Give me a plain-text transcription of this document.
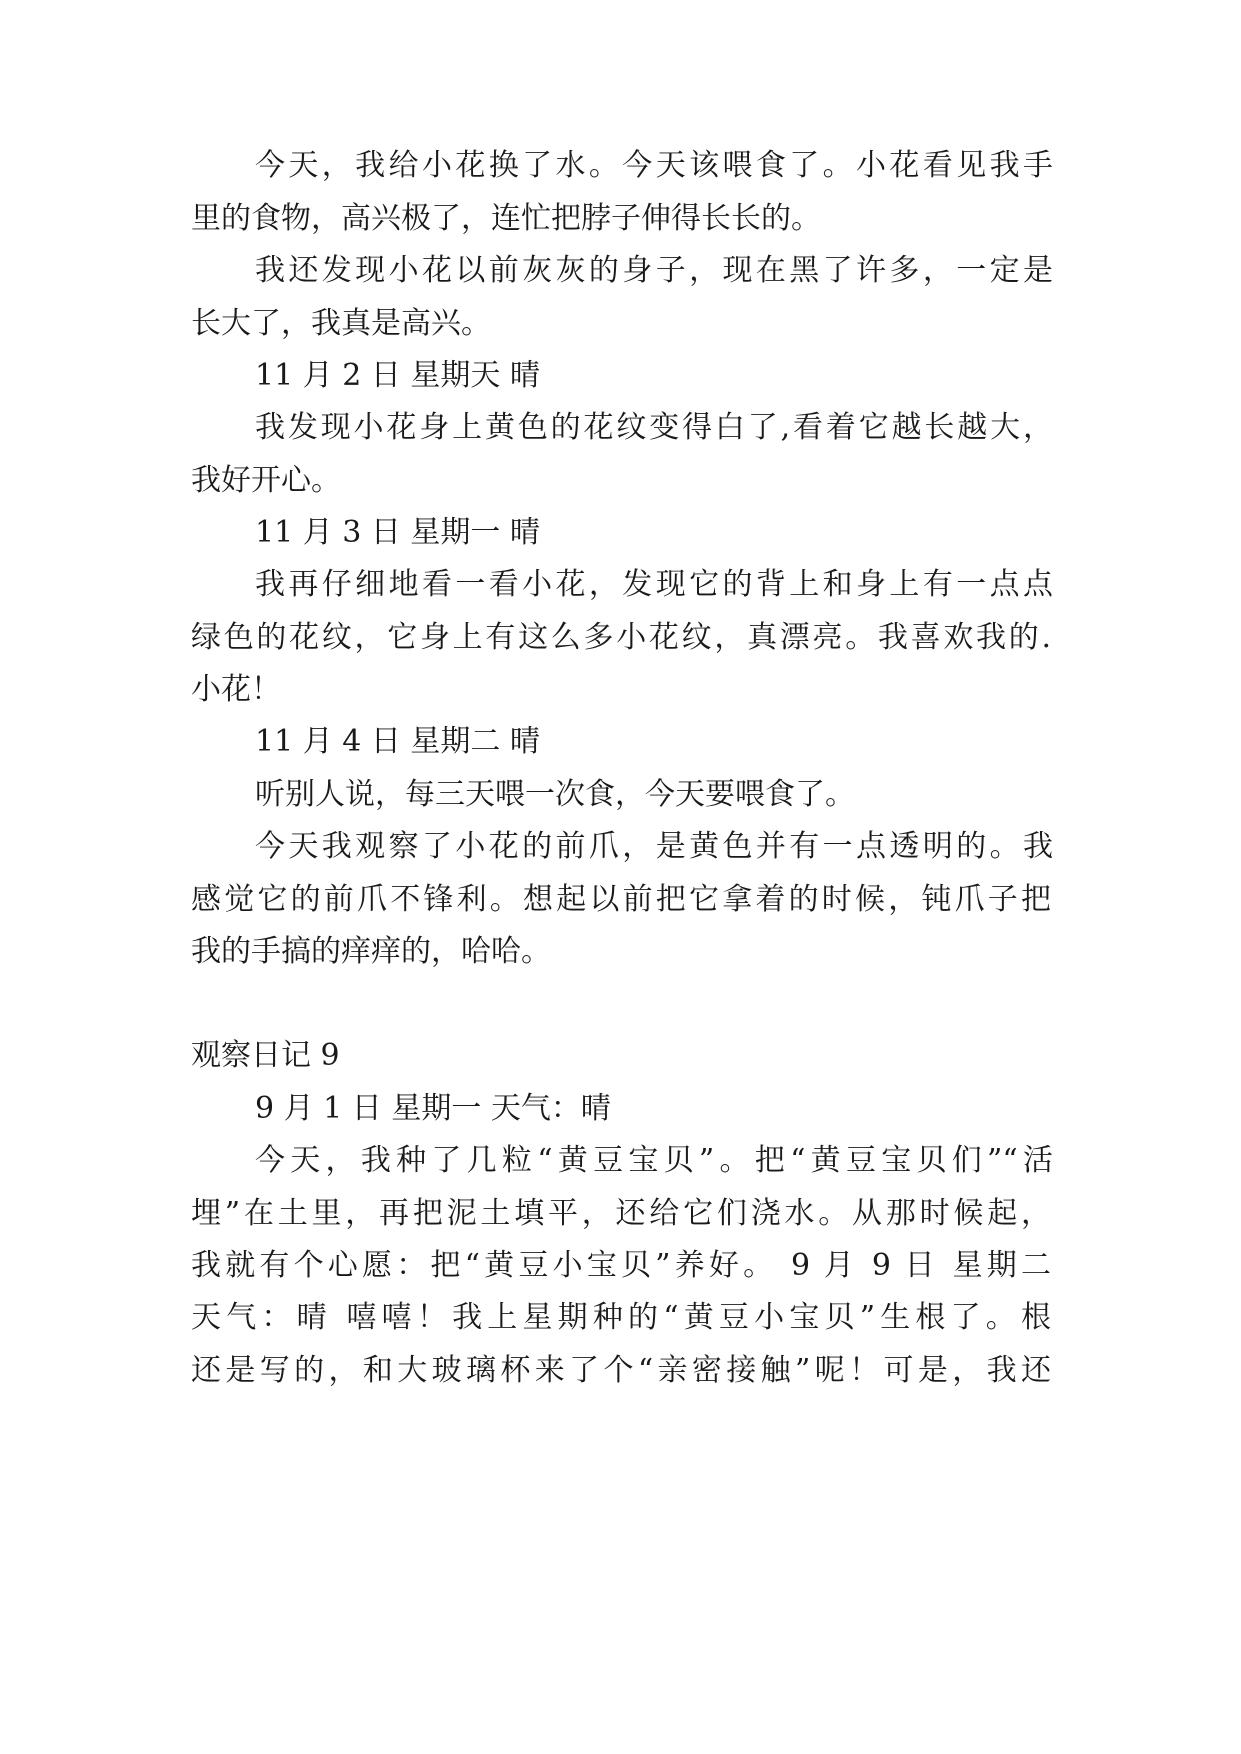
今天，我给小花换了水。今天该喂食了。小花看见我手
里的食物，高兴极了，连忙把脖子伸得长长的。
我还发现小花以前灰灰的身子，现在黑了许多，一定是
长大了，我真是高兴。
11 月 2 日 星期天 晴
我发现小花身上黄色的花纹变得白了,看着它越长越大，
我好开心。
11 月 3 日 星期一 晴
我再仔细地看一看小花，发现它的背上和身上有一点点
绿色的花纹，它身上有这么多小花纹，真漂亮。我喜欢我的.
小花！
11 月 4 日 星期二 晴
听别人说，每三天喂一次食，今天要喂食了。
今天我观察了小花的前爪，是黄色并有一点透明的。我
感觉它的前爪不锋利。想起以前把它拿着的时候，钝爪子把
我的手搞的痒痒的，哈哈。
观察日记 9
9 月 1 日 星期一 天气：晴
今天，我种了几粒“黄豆宝贝”。把“黄豆宝贝们”“活
埋”在土里，再把泥土填平，还给它们浇水。从那时候起，
我就有个心愿：把“黄豆小宝贝”养好。 9 月 9 日 星期二
天气：晴 嘻嘻！我上星期种的“黄豆小宝贝”生根了。根
还是写的，和大玻璃杯来了个“亲密接触”呢！可是，我还
